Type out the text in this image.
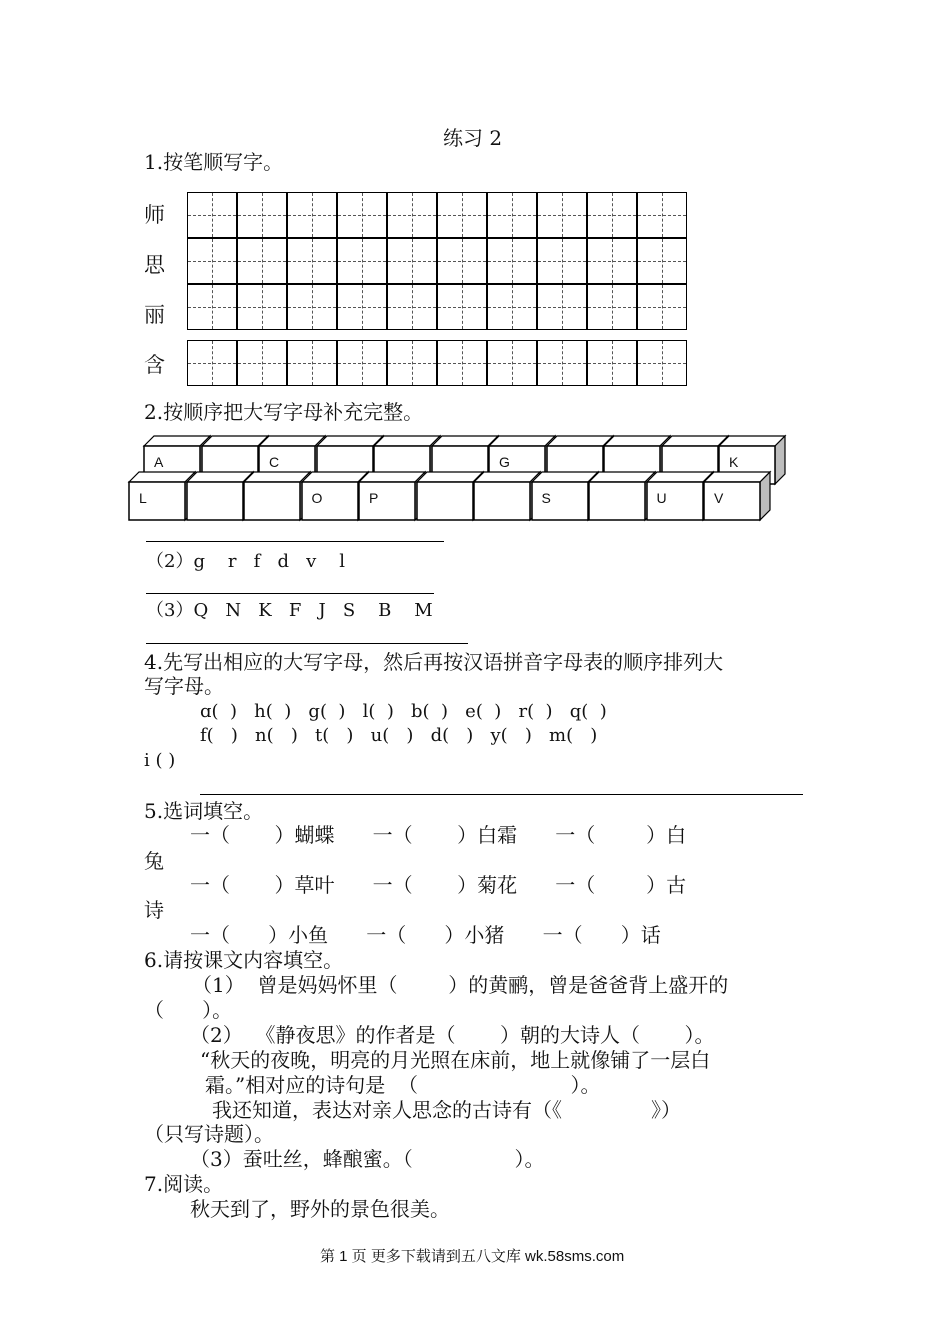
练习 2
1.按笔顺写字。
师
思
丽
含
2.按顺序把大写字母补充完整。
A	C	G	K
L	O	P	S	U	V
（2）g    r   f   d   v    l
（3）Q   N   K   F   J   S    B    M
4.先写出相应的大写字母，然后再按汉语拼音字母表的顺序排列大
写字母。
ɑ(  )   h(  )   g(  )   l(  )   b(  )   e(  )   r(  )   q(  )
f(   )   n(   )   t(   )   u(   )   d(   )   y(   )   m(   )
i ( )
5.选词填空。
一（       ）蝴蝶      一（       ）白霜      一（        ）白
兔
一（       ）草叶      一（       ）菊花      一（        ）古
诗
一（      ）小鱼      一（      ）小猪      一（      ）话
6.请按课文内容填空。
（1）  曾是妈妈怀里（        ）的黄鹂，曾是爸爸背上盛开的
（      ）。
（2）  《静夜思》的作者是（       ）朝的大诗人（       ）。
“秋天的夜晚，明亮的月光照在床前，地上就像铺了一层白
霜。”相对应的诗句是  （                        ）。
我还知道，表达对亲人思念的古诗有（《              》）
（只写诗题）。
（3）蚕吐丝，蜂酿蜜。（                ）。
7.阅读。
秋天到了，野外的景色很美。
第 1 页 更多下载请到五八文库 wk.58sms.com
